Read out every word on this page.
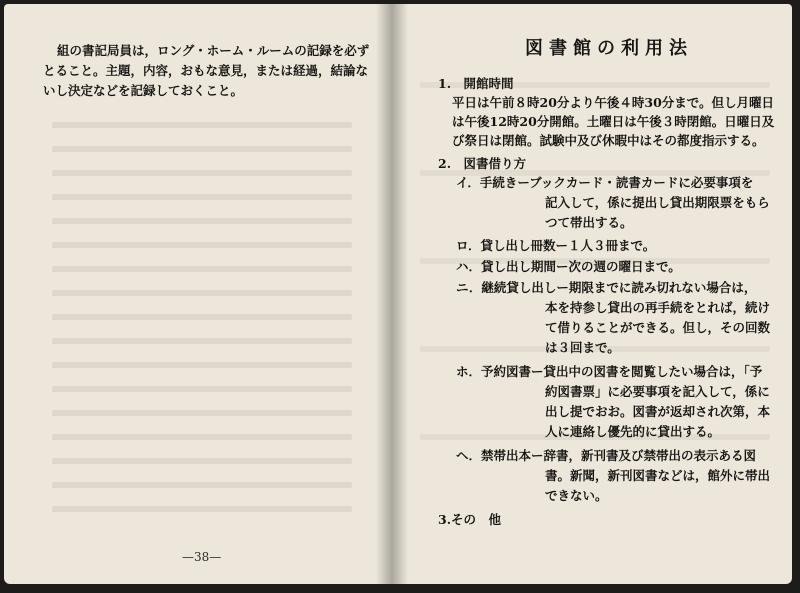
組の書記局員は，ロング・ホーム・ルームの記録を必ず
とること。主題，内容，おもな意見，または経過，結論な
いし決定などを記録しておくこと。
—38—
図書館の利用法
1.　開館時間
平日は午前８時20分より午後４時30分まで。但し月曜日
は午後12時20分開館。土曜日は午後３時閉館。日曜日及
び祭日は閉館。試験中及び休暇中はその都度指示する。
2.　図書借り方
イ．手続きーブックカード・読書カードに必要事項を
記入して，係に提出し貸出期限票をもら
つて帯出する。
ロ．貸し出し冊数ー１人３冊まで。
ハ．貸し出し期間ー次の週の曜日まで。
ニ．継続貸し出しー期限までに読み切れない場合は，
本を持参し貸出の再手続をとれば，続け
て借りることができる。但し，その回数
は３回まで。
ホ．予約図書ー貸出中の図書を閲覧したい場合は，「予
約図書票」に必要事項を記入して，係に
出し提でおお。図書が返却され次第，本
人に連絡し優先的に貸出する。
ヘ．禁帯出本ー辞書，新刊書及び禁帯出の表示ある図
書。新聞，新刊図書などは，館外に帯出
できない。
3.その　他
